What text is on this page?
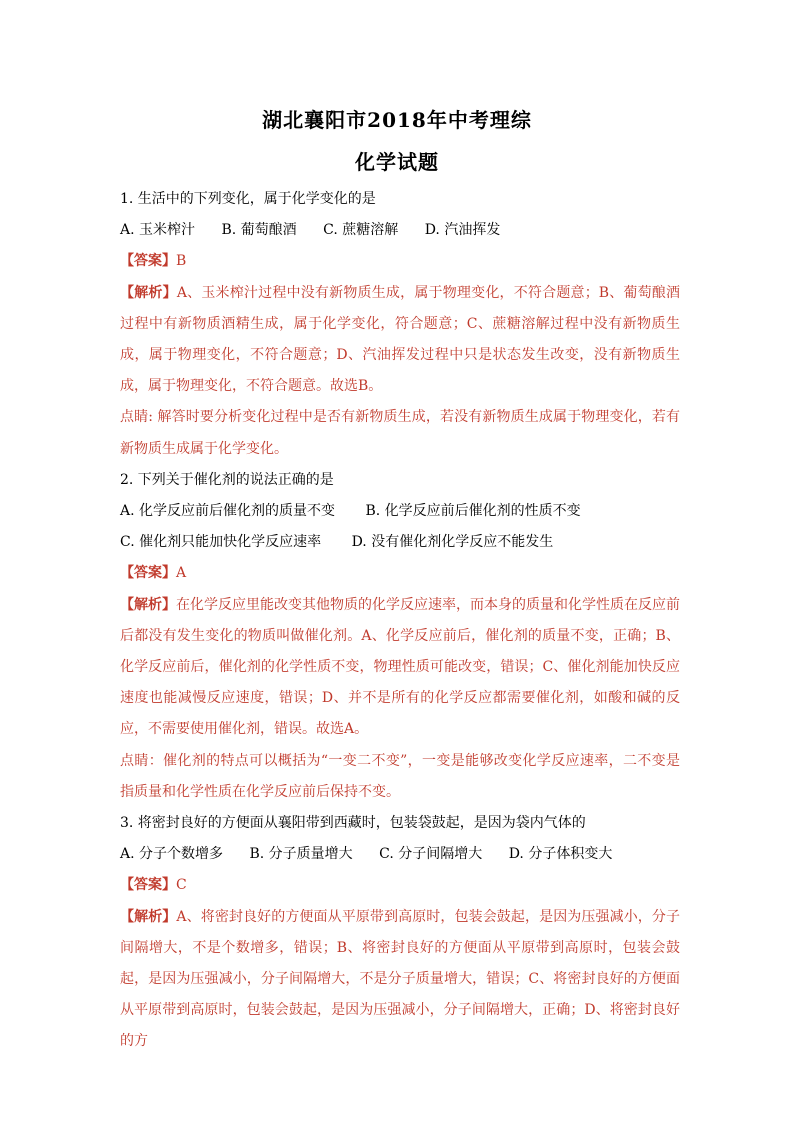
湖北襄阳市2018年中考理综
化学试题

1. 生活中的下列变化，属于化学变化的是

A. 玉米榨汁 B. 葡萄酿酒 C. 蔗糖溶解 D. 汽油挥发

【答案】B

【解析】A、玉米榨汁过程中没有新物质生成，属于物理变化，不符合题意；B、葡萄酿酒过程中有新物质酒精生成，属于化学变化，符合题意；C、蔗糖溶解过程中没有新物质生成，属于物理变化，不符合题意；D、汽油挥发过程中只是状态发生改变，没有新物质生成，属于物理变化，不符合题意。故选B。

点睛: 解答时要分析变化过程中是否有新物质生成，若没有新物质生成属于物理变化，若有新物质生成属于化学变化。

2. 下列关于催化剂的说法正确的是

A. 化学反应前后催化剂的质量不变 B. 化学反应前后催化剂的性质不变

C. 催化剂只能加快化学反应速率 D. 没有催化剂化学反应不能发生

【答案】A

【解析】在化学反应里能改变其他物质的化学反应速率，而本身的质量和化学性质在反应前后都没有发生变化的物质叫做催化剂。A、化学反应前后，催化剂的质量不变，正确；B、化学反应前后，催化剂的化学性质不变，物理性质可能改变，错误；C、催化剂能加快反应速度也能减慢反应速度，错误；D、并不是所有的化学反应都需要催化剂，如酸和碱的反应，不需要使用催化剂，错误。故选A。

点睛：催化剂的特点可以概括为“一变二不变”，一变是能够改变化学反应速率，二不变是指质量和化学性质在化学反应前后保持不变。

3. 将密封良好的方便面从襄阳带到西藏时，包装袋鼓起，是因为袋内气体的

A. 分子个数增多 B. 分子质量增大 C. 分子间隔增大 D. 分子体积变大

【答案】C

【解析】A、将密封良好的方便面从平原带到高原时，包装会鼓起，是因为压强减小，分子间隔增大，不是个数增多，错误；B、将密封良好的方便面从平原带到高原时，包装会鼓起，是因为压强减小，分子间隔增大，不是分子质量增大，错误；C、将密封良好的方便面从平原带到高原时，包装会鼓起，是因为压强减小，分子间隔增大，正确；D、将密封良好的方
